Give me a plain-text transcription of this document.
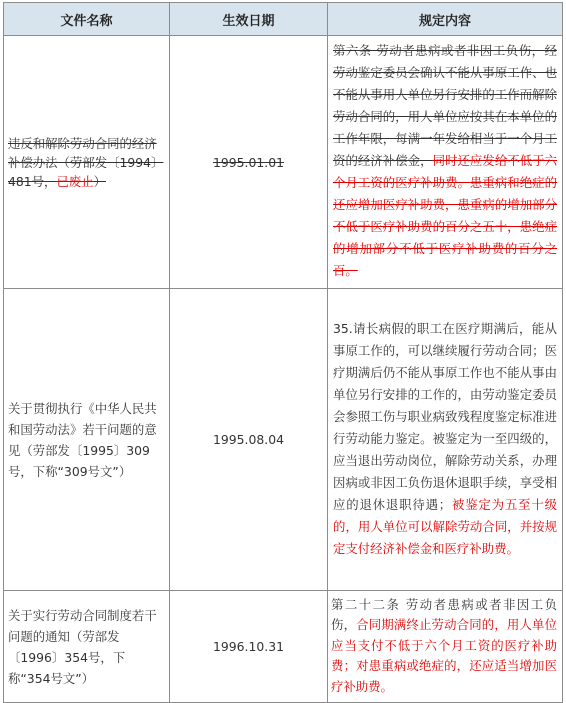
文件名称	生效日期	规定内容
违反和解除劳动合同的经济补偿办法（劳部发〔1994〕481号，已废止）	1995.01.01	第六条 劳动者患病或者非因工负伤，经劳动鉴定委员会确认不能从事原工作、也不能从事用人单位另行安排的工作而解除劳动合同的，用人单位应按其在本单位的工作年限，每满一年发给相当于一个月工资的经济补偿金，同时还应发给不低于六个月工资的医疗补助费。患重病和绝症的还应增加医疗补助费，患重病的增加部分不低于医疗补助费的百分之五十，患绝症的增加部分不低于医疗补助费的百分之百。
关于贯彻执行《中华人民共和国劳动法》若干问题的意见（劳部发〔1995〕309号，下称“309号文”）	1995.08.04	35.请长病假的职工在医疗期满后，能从事原工作的，可以继续履行劳动合同；医疗期满后仍不能从事原工作也不能从事由单位另行安排的工作的，由劳动鉴定委员会参照工伤与职业病致残程度鉴定标准进行劳动能力鉴定。被鉴定为一至四级的，应当退出劳动岗位，解除劳动关系，办理因病或非因工负伤退休退职手续，享受相应的退休退职待遇；被鉴定为五至十级的，用人单位可以解除劳动合同，并按规定支付经济补偿金和医疗补助费。
关于实行劳动合同制度若干问题的通知（劳部发〔1996〕354号，下称“354号文”）	1996.10.31	第二十二条 劳动者患病或者非因工负伤，合同期满终止劳动合同的，用人单位应当支付不低于六个月工资的医疗补助费；对患重病或绝症的，还应适当增加医疗补助费。
